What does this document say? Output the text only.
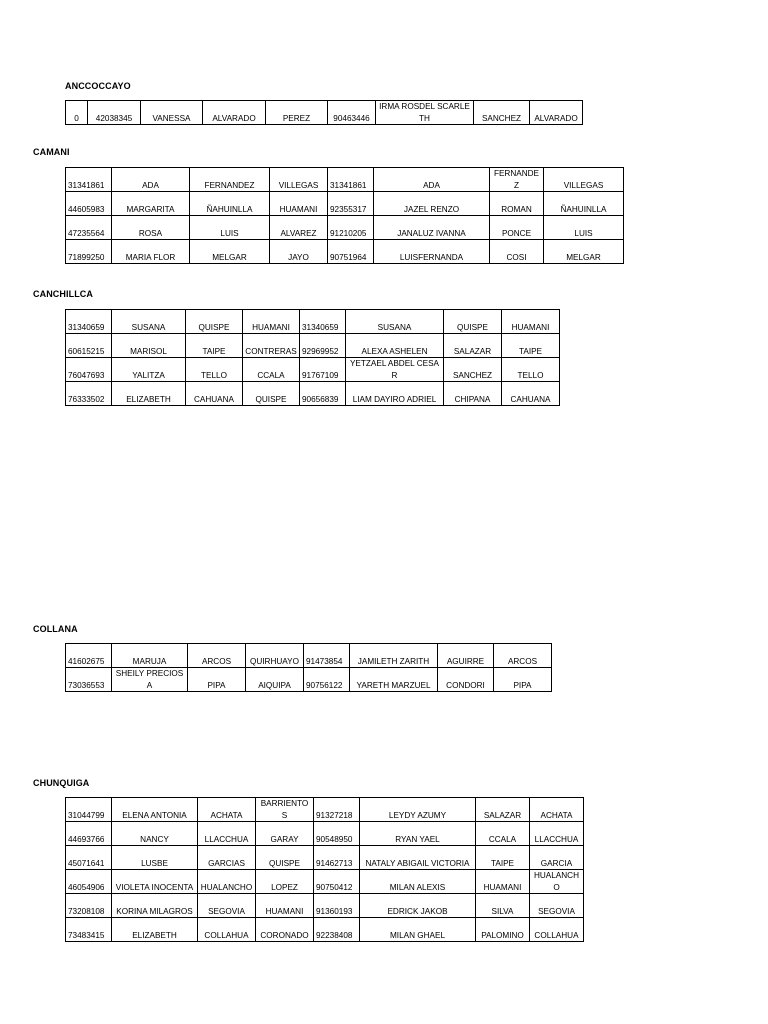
ANCCOCCAYO

0	42038345	VANESSA	ALVARADO	PEREZ	90463446	IRMA ROSDEL SCARLETH	SANCHEZ	ALVARADO

CAMANI

31341861	ADA	FERNANDEZ	VILLEGAS	31341861	ADA	FERNANDEZ	VILLEGAS
44605983	MARGARITA	ÑAHUINLLA	HUAMANI	92355317	JAZEL RENZO	ROMAN	ÑAHUINLLA
47235564	ROSA	LUIS	ALVAREZ	91210205	JANALUZ IVANNA	PONCE	LUIS
71899250	MARIA FLOR	MELGAR	JAYO	90751964	LUISFERNANDA	COSI	MELGAR

CANCHILLCA

31340659	SUSANA	QUISPE	HUAMANI	31340659	SUSANA	QUISPE	HUAMANI
60615215	MARISOL	TAIPE	CONTRERAS	92969952	ALEXA ASHELEN	SALAZAR	TAIPE
76047693	YALITZA	TELLO	CCALA	91767109	YETZAEL ABDEL CESAR	SANCHEZ	TELLO
76333502	ELIZABETH	CAHUANA	QUISPE	90656839	LIAM DAYIRO ADRIEL	CHIPANA	CAHUANA

COLLANA

41602675	MARUJA	ARCOS	QUIRHUAYO	91473854	JAMILETH ZARITH	AGUIRRE	ARCOS
73036553	SHEILY PRECIOSA	PIPA	AIQUIPA	90756122	YARETH MARZUEL	CONDORI	PIPA

CHUNQUIGA

31044799	ELENA ANTONIA	ACHATA	BARRIENTOS	91327218	LEYDY AZUMY	SALAZAR	ACHATA
44693766	NANCY	LLACCHUA	GARAY	90548950	RYAN YAEL	CCALA	LLACCHUA
45071641	LUSBE	GARCIAS	QUISPE	91462713	NATALY ABIGAIL VICTORIA	TAIPE	GARCIA
46054906	VIOLETA INOCENTA	HUALANCHO	LOPEZ	90750412	MILAN ALEXIS	HUAMANI	HUALANCHO
73208108	KORINA MILAGROS	SEGOVIA	HUAMANI	91360193	EDRICK JAKOB	SILVA	SEGOVIA
73483415	ELIZABETH	COLLAHUA	CORONADO	92238408	MILAN GHAEL	PALOMINO	COLLAHUA
